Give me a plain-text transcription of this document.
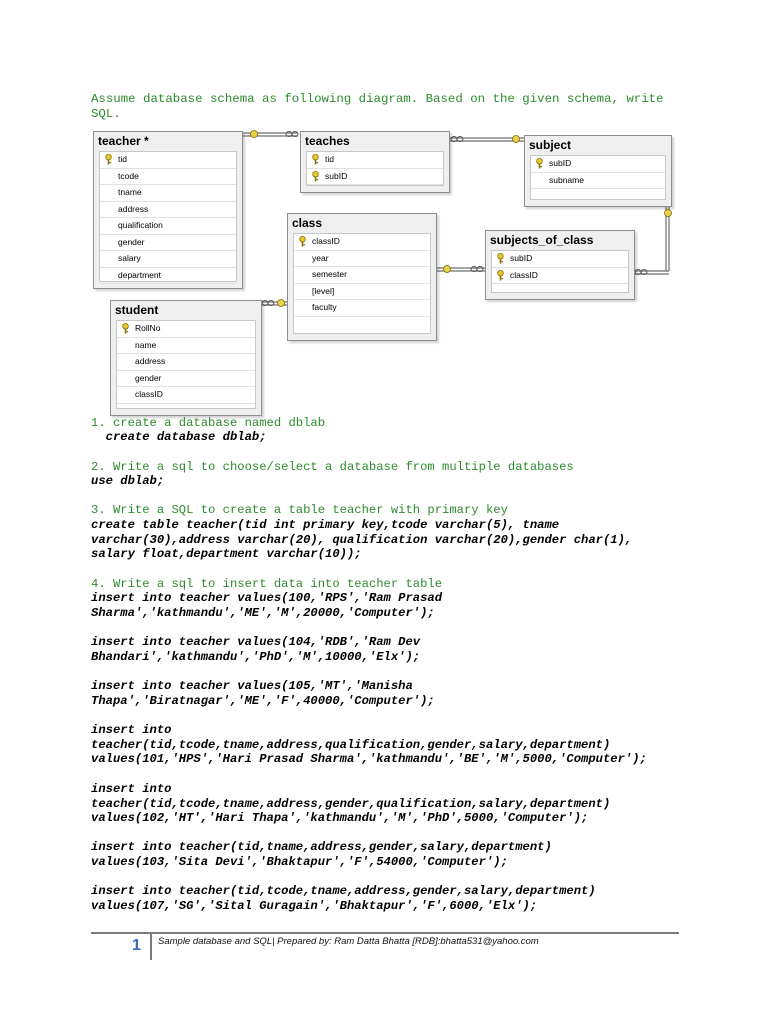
Assume database schema as following diagram. Based on the given schema, write SQL.
teacher *
tid
tcode
tname
address
qualification
gender
salary
department
teaches
tid
subID
subject
subID
subname
class
classID
year
semester
[level]
faculty
subjects_of_class
subID
classID
student
RollNo
name
address
gender
classID
1. create a database named dblab
create database dblab;
2. Write a sql to choose/select a database from multiple databases
use dblab;
3. Write a SQL to create a table teacher with primary key
create table teacher(tid int primary key,tcode varchar(5), tname
varchar(30),address varchar(20), qualification varchar(20),gender char(1),
salary float,department varchar(10));
4. Write a sql to insert data into teacher table
insert into teacher values(100,'RPS','Ram Prasad
Sharma','kathmandu','ME','M',20000,'Computer');
insert into teacher values(104,'RDB','Ram Dev
Bhandari','kathmandu','PhD','M',10000,'Elx');
insert into teacher values(105,'MT','Manisha
Thapa','Biratnagar','ME','F',40000,'Computer');
insert into
teacher(tid,tcode,tname,address,qualification,gender,salary,department)
values(101,'HPS','Hari Prasad Sharma','kathmandu','BE','M',5000,'Computer');
insert into
teacher(tid,tcode,tname,address,gender,qualification,salary,department)
values(102,'HT','Hari Thapa','kathmandu','M','PhD',5000,'Computer');
insert into teacher(tid,tname,address,gender,salary,department)
values(103,'Sita Devi','Bhaktapur','F',54000,'Computer');
insert into teacher(tid,tcode,tname,address,gender,salary,department)
values(107,'SG','Sital Guragain','Bhaktapur','F',6000,'Elx');
1 Sample database and SQL| Prepared by: Ram Datta Bhatta [RDB]:bhatta531@yahoo.com
